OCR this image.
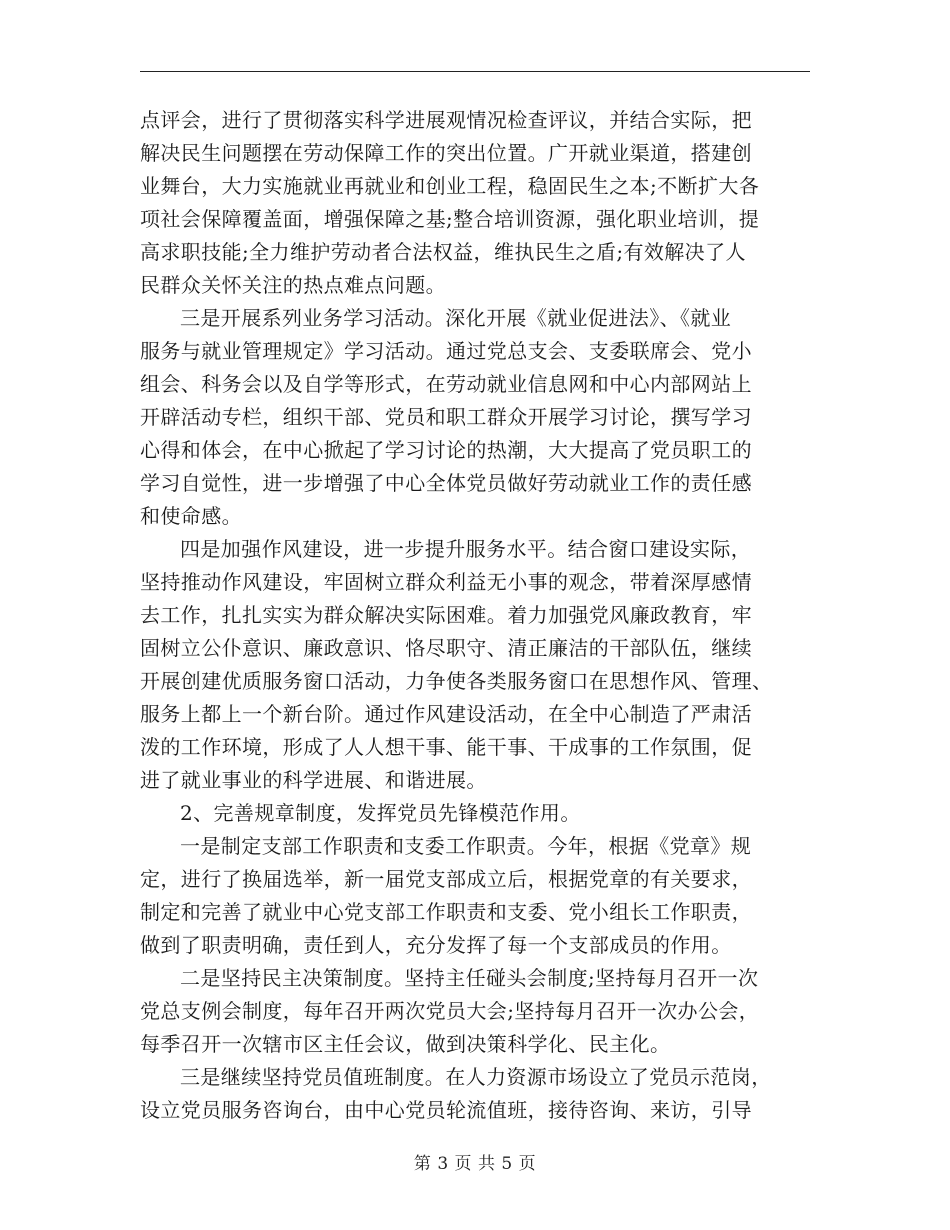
点评会，进行了贯彻落实科学进展观情况检查评议，并结合实际，把
解决民生问题摆在劳动保障工作的突出位置。广开就业渠道，搭建创
业舞台，大力实施就业再就业和创业工程，稳固民生之本;不断扩大各
项社会保障覆盖面，增强保障之基;整合培训资源，强化职业培训，提
高求职技能;全力维护劳动者合法权益，维执民生之盾;有效解决了人
民群众关怀关注的热点难点问题。
三是开展系列业务学习活动。深化开展《就业促进法》、《就业
服务与就业管理规定》学习活动。通过党总支会、支委联席会、党小
组会、科务会以及自学等形式，在劳动就业信息网和中心内部网站上
开辟活动专栏，组织干部、党员和职工群众开展学习讨论，撰写学习
心得和体会，在中心掀起了学习讨论的热潮，大大提高了党员职工的
学习自觉性，进一步增强了中心全体党员做好劳动就业工作的责任感
和使命感。
四是加强作风建设，进一步提升服务水平。结合窗口建设实际，
坚持推动作风建设，牢固树立群众利益无小事的观念，带着深厚感情
去工作，扎扎实实为群众解决实际困难。着力加强党风廉政教育，牢
固树立公仆意识、廉政意识、恪尽职守、清正廉洁的干部队伍，继续
开展创建优质服务窗口活动，力争使各类服务窗口在思想作风、管理、
服务上都上一个新台阶。通过作风建设活动，在全中心制造了严肃活
泼的工作环境，形成了人人想干事、能干事、干成事的工作氛围，促
进了就业事业的科学进展、和谐进展。
2、完善规章制度，发挥党员先锋模范作用。
一是制定支部工作职责和支委工作职责。今年，根据《党章》规
定，进行了换届选举，新一届党支部成立后，根据党章的有关要求，
制定和完善了就业中心党支部工作职责和支委、党小组长工作职责，
做到了职责明确，责任到人，充分发挥了每一个支部成员的作用。
二是坚持民主决策制度。坚持主任碰头会制度;坚持每月召开一次
党总支例会制度，每年召开两次党员大会;坚持每月召开一次办公会，
每季召开一次辖市区主任会议，做到决策科学化、民主化。
三是继续坚持党员值班制度。在人力资源市场设立了党员示范岗，
设立党员服务咨询台，由中心党员轮流值班，接待咨询、来访，引导
第 3 页 共 5 页
